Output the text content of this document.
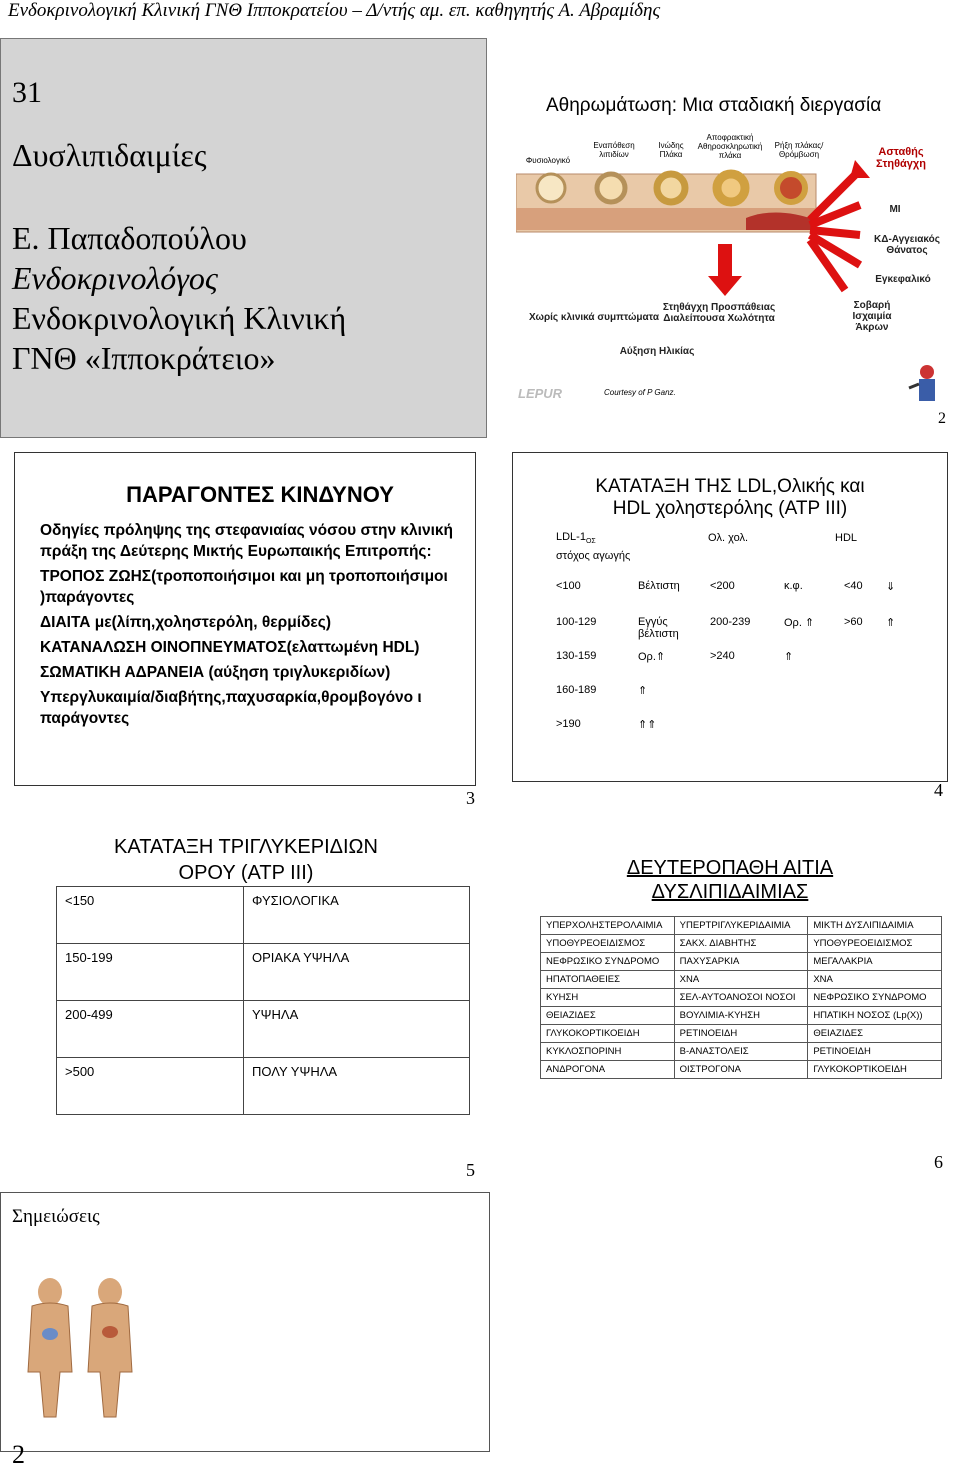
Ενδοκρινολογική Κλινική ΓΝΘ Ιπποκρατείου – Δ/ντής αμ. επ. καθηγητής Α. Αβραμίδης
31
Δυσλιπιδαιμίες
Ε. Παπαδοπούλου
Ενδοκρινολόγος
Ενδοκρινολογική Κλινική
ΓΝΘ «Ιπποκράτειο»
Αθηρωμάτωση: Μια σταδιακή διεργασία
Φυσιολογικό
Εναπόθεση λιπιδίων
Ινώδης Πλάκα
Αποφρακτική Αθηροσκληρωτική πλάκα
Ρήξη πλάκας/ Θρόμβωση	Ασταθής Στηθάγχη
MI
ΚΔ-Αγγειακός Θάνατος
Εγκεφαλικό
Σοβαρή Ισχαιμία Άκρων
Χωρίς κλινικά συμπτώματα
Στηθάγχη Προσπάθειας Διαλείπουσα Χωλότητα
Αύξηση Ηλικίας
LEPUR	Courtesy of P Ganz.
2
ΠΑΡΑΓΟΝΤΕΣ ΚΙΝΔΥΝΟΥ

Οδηγίες πρόληψης της στεφανιαίας νόσου στην κλινική πράξη της Δεύτερης Μικτής Ευρωπαικής Επιτροπής:

ΤΡΟΠΟΣ ΖΩΗΣ(τροποποιήσιμοι και μη τροποποιήσιμοι )παράγοντες

ΔΙΑΙΤΑ με(λίπη,χοληστερόλη, θερμίδες)

ΚΑΤΑΝΑΛΩΣΗ ΟΙΝΟΠΝΕΥΜΑΤΟΣ(ελαττωμένη HDL)

ΣΩΜΑΤΙΚΗ ΑΔΡΑΝΕΙΑ (αύξηση τριγλυκεριδίων)

Υπεργλυκαιμία/διαβήτης,παχυσαρκία,θρομβογόνο ι παράγοντες

3
ΚΑΤΑΤΑΞΗ ΤΗΣ LDL,Ολικής και
HDL χοληστερόλης (ATP III)
LDL-$1_{O\Sigma}$
στόχος αγωγής
Ολ. χολ.	HDL
<100	Βέλτιστη	<200	κ.φ.	<40	⇓
100-129	Εγγύς βέλτιστη	200-239	Ορ. ⇑	>60	⇑
130-159	Ορ.⇑	>240	⇑		
160-189	⇑				
>190	⇑⇑				
4
ΚΑΤΑΤΑΞΗ ΤΡΙΓΛΥΚΕΡΙΔΙΩΝ
ΟΡΟΥ (ATP III)
<150	ΦΥΣΙΟΛΟΓΙΚΑ
150-199	ΟΡΙΑΚΑ ΥΨΗΛΑ
200-499	ΥΨΗΛΑ
>500	ΠΟΛΥ ΥΨΗΛΑ
5
ΔΕΥΤΕΡΟΠΑΘΗ ΑΙΤΙΑ
ΔΥΣΛΙΠΙΔΑΙΜΙΑΣ
ΥΠΕΡΧΟΛΗΣΤΕΡΟΛΑΙΜΙΑ	ΥΠΕΡΤΡΙΓΛΥΚΕΡΙΔΑΙΜΙΑ	ΜΙΚΤΗ ΔΥΣΛΙΠΙΔΑΙΜΙΑ
ΥΠΟΘΥΡΕΟΕΙΔΙΣΜΟΣ	ΣΑΚΧ. ΔΙΑΒΗΤΗΣ	ΥΠΟΘΥΡΕΟΕΙΔΙΣΜΟΣ
ΝΕΦΡΩΣΙΚΟ ΣΥΝΔΡΟΜΟ	ΠΑΧΥΣΑΡΚΙΑ	ΜΕΓΑΛΑΚΡΙΑ
ΗΠΑΤΟΠΑΘΕΙΕΣ	ΧΝΑ	ΧΝΑ
ΚΥΗΣΗ	ΣΕΛ-ΑΥΤΟΑΝΟΣΟΙ ΝΟΣΟΙ	ΝΕΦΡΩΣΙΚΟ ΣΥΝΔΡΟΜΟ
ΘΕΙΑΖΙΔΕΣ	ΒΟΥΛΙΜΙΑ-ΚΥΗΣΗ	ΗΠΑΤΙΚΗ ΝΟΣΟΣ (Lp(X))
ΓΛΥΚΟΚΟΡΤΙΚΟΕΙΔΗ	ΡΕΤΙΝΟΕΙΔΗ	ΘΕΙΑΖΙΔΕΣ
ΚΥΚΛΟΣΠΟΡΙΝΗ	Β-ΑΝΑΣΤΟΛΕΙΣ	ΡΕΤΙΝΟΕΙΔΗ
ΑΝΔΡΟΓΟΝΑ	ΟΙΣΤΡΟΓΟΝΑ	ΓΛΥΚΟΚΟΡΤΙΚΟΕΙΔΗ
6
Σημειώσεις
2
